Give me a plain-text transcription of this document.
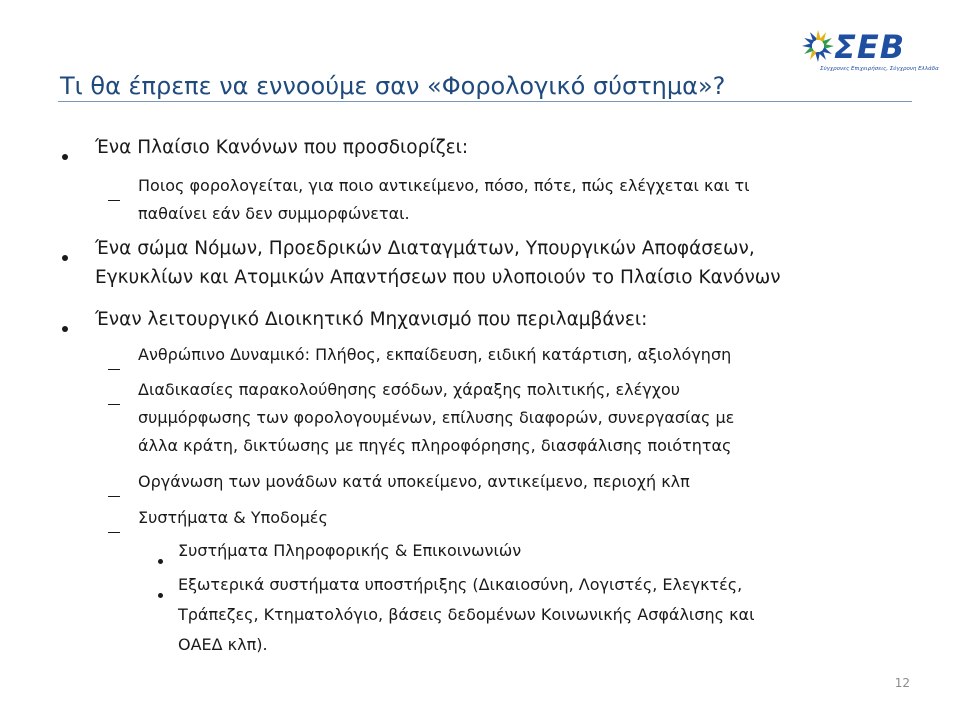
ΣΕΒ
Σύγχρονες Επιχειρήσεις, Σύγχρονη Ελλάδα
Τι θα έπρεπε να εννοούμε σαν «Φορολογικό σύστημα»?
Ένα Πλαίσιο Κανόνων που προσδιορίζει:
Ποιος φορολογείται, για ποιο αντικείμενο, πόσο, πότε, πώς ελέγχεται και τι
παθαίνει εάν δεν συμμορφώνεται.
Ένα σώμα Νόμων, Προεδρικών Διαταγμάτων, Υπουργικών Αποφάσεων,
Εγκυκλίων και Ατομικών Απαντήσεων που υλοποιούν το Πλαίσιο Κανόνων
Έναν λειτουργικό Διοικητικό Μηχανισμό που περιλαμβάνει:
Ανθρώπινο Δυναμικό: Πλήθος, εκπαίδευση, ειδική κατάρτιση, αξιολόγηση
Διαδικασίες παρακολούθησης εσόδων, χάραξης πολιτικής, ελέγχου
συμμόρφωσης των φορολογουμένων, επίλυσης διαφορών, συνεργασίας με
άλλα κράτη, δικτύωσης με πηγές πληροφόρησης, διασφάλισης ποιότητας
Οργάνωση των μονάδων κατά υποκείμενο, αντικείμενο, περιοχή κλπ
Συστήματα & Υποδομές
Συστήματα Πληροφορικής & Επικοινωνιών
Εξωτερικά συστήματα υποστήριξης (Δικαιοσύνη, Λογιστές, Ελεγκτές,
Τράπεζες, Κτηματολόγιο, βάσεις δεδομένων Κοινωνικής Ασφάλισης και
ΟΑΕΔ κλπ).
12
